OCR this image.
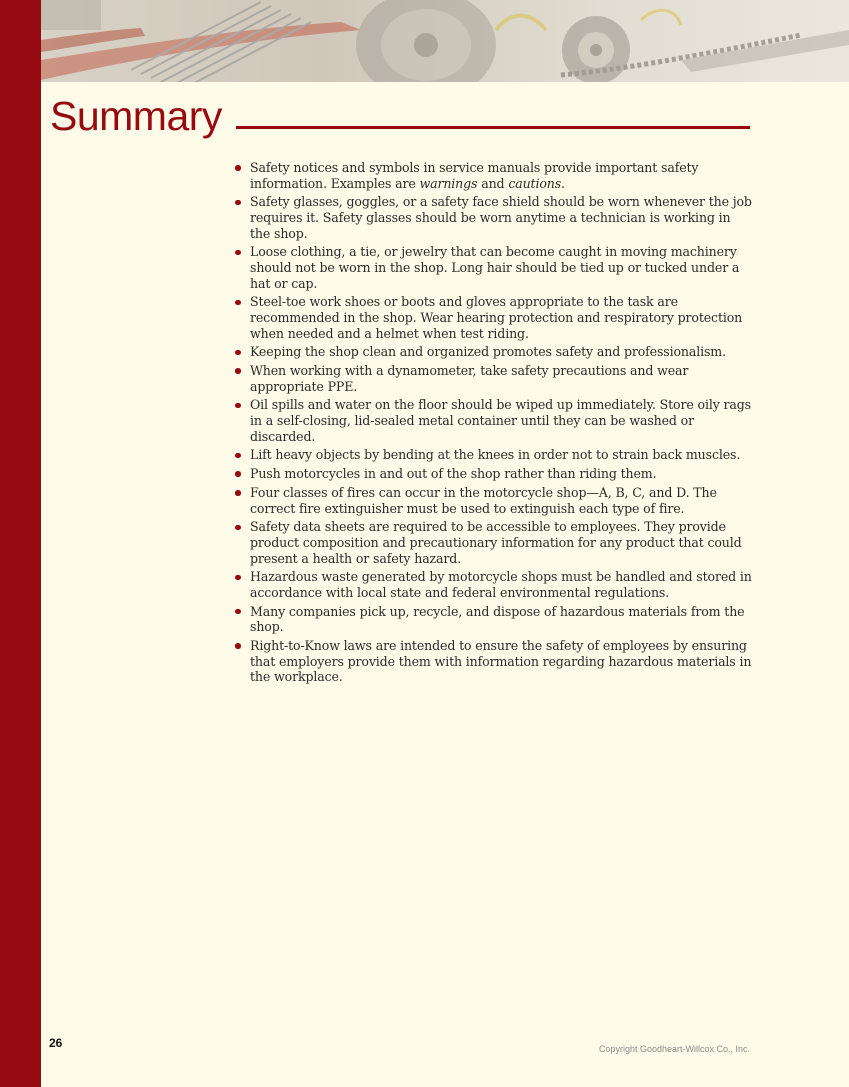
Summary
Safety notices and symbols in service manuals provide important safety information. Examples are warnings and cautions.
Safety glasses, goggles, or a safety face shield should be worn whenever the job requires it. Safety glasses should be worn anytime a technician is working in the shop.
Loose clothing, a tie, or jewelry that can become caught in moving machinery should not be worn in the shop. Long hair should be tied up or tucked under a hat or cap.
Steel-toe work shoes or boots and gloves appropriate to the task are recommended in the shop. Wear hearing protection and respiratory protection when needed and a helmet when test riding.
Keeping the shop clean and organized promotes safety and professionalism.
When working with a dynamometer, take safety precautions and wear appropriate PPE.
Oil spills and water on the floor should be wiped up immediately. Store oily rags in a self-closing, lid-sealed metal container until they can be washed or discarded.
Lift heavy objects by bending at the knees in order not to strain back muscles.
Push motorcycles in and out of the shop rather than riding them.
Four classes of fires can occur in the motorcycle shop—A, B, C, and D. The correct fire extinguisher must be used to extinguish each type of fire.
Safety data sheets are required to be accessible to employees. They provide product composition and precautionary information for any product that could present a health or safety hazard.
Hazardous waste generated by motorcycle shops must be handled and stored in accordance with local state and federal environmental regulations.
Many companies pick up, recycle, and dispose of hazardous materials from the shop.
Right-to-Know laws are intended to ensure the safety of employees by ensuring that employers provide them with information regarding hazardous materials in the workplace.
26	Copyright Goodheart-Willcox Co., Inc.
